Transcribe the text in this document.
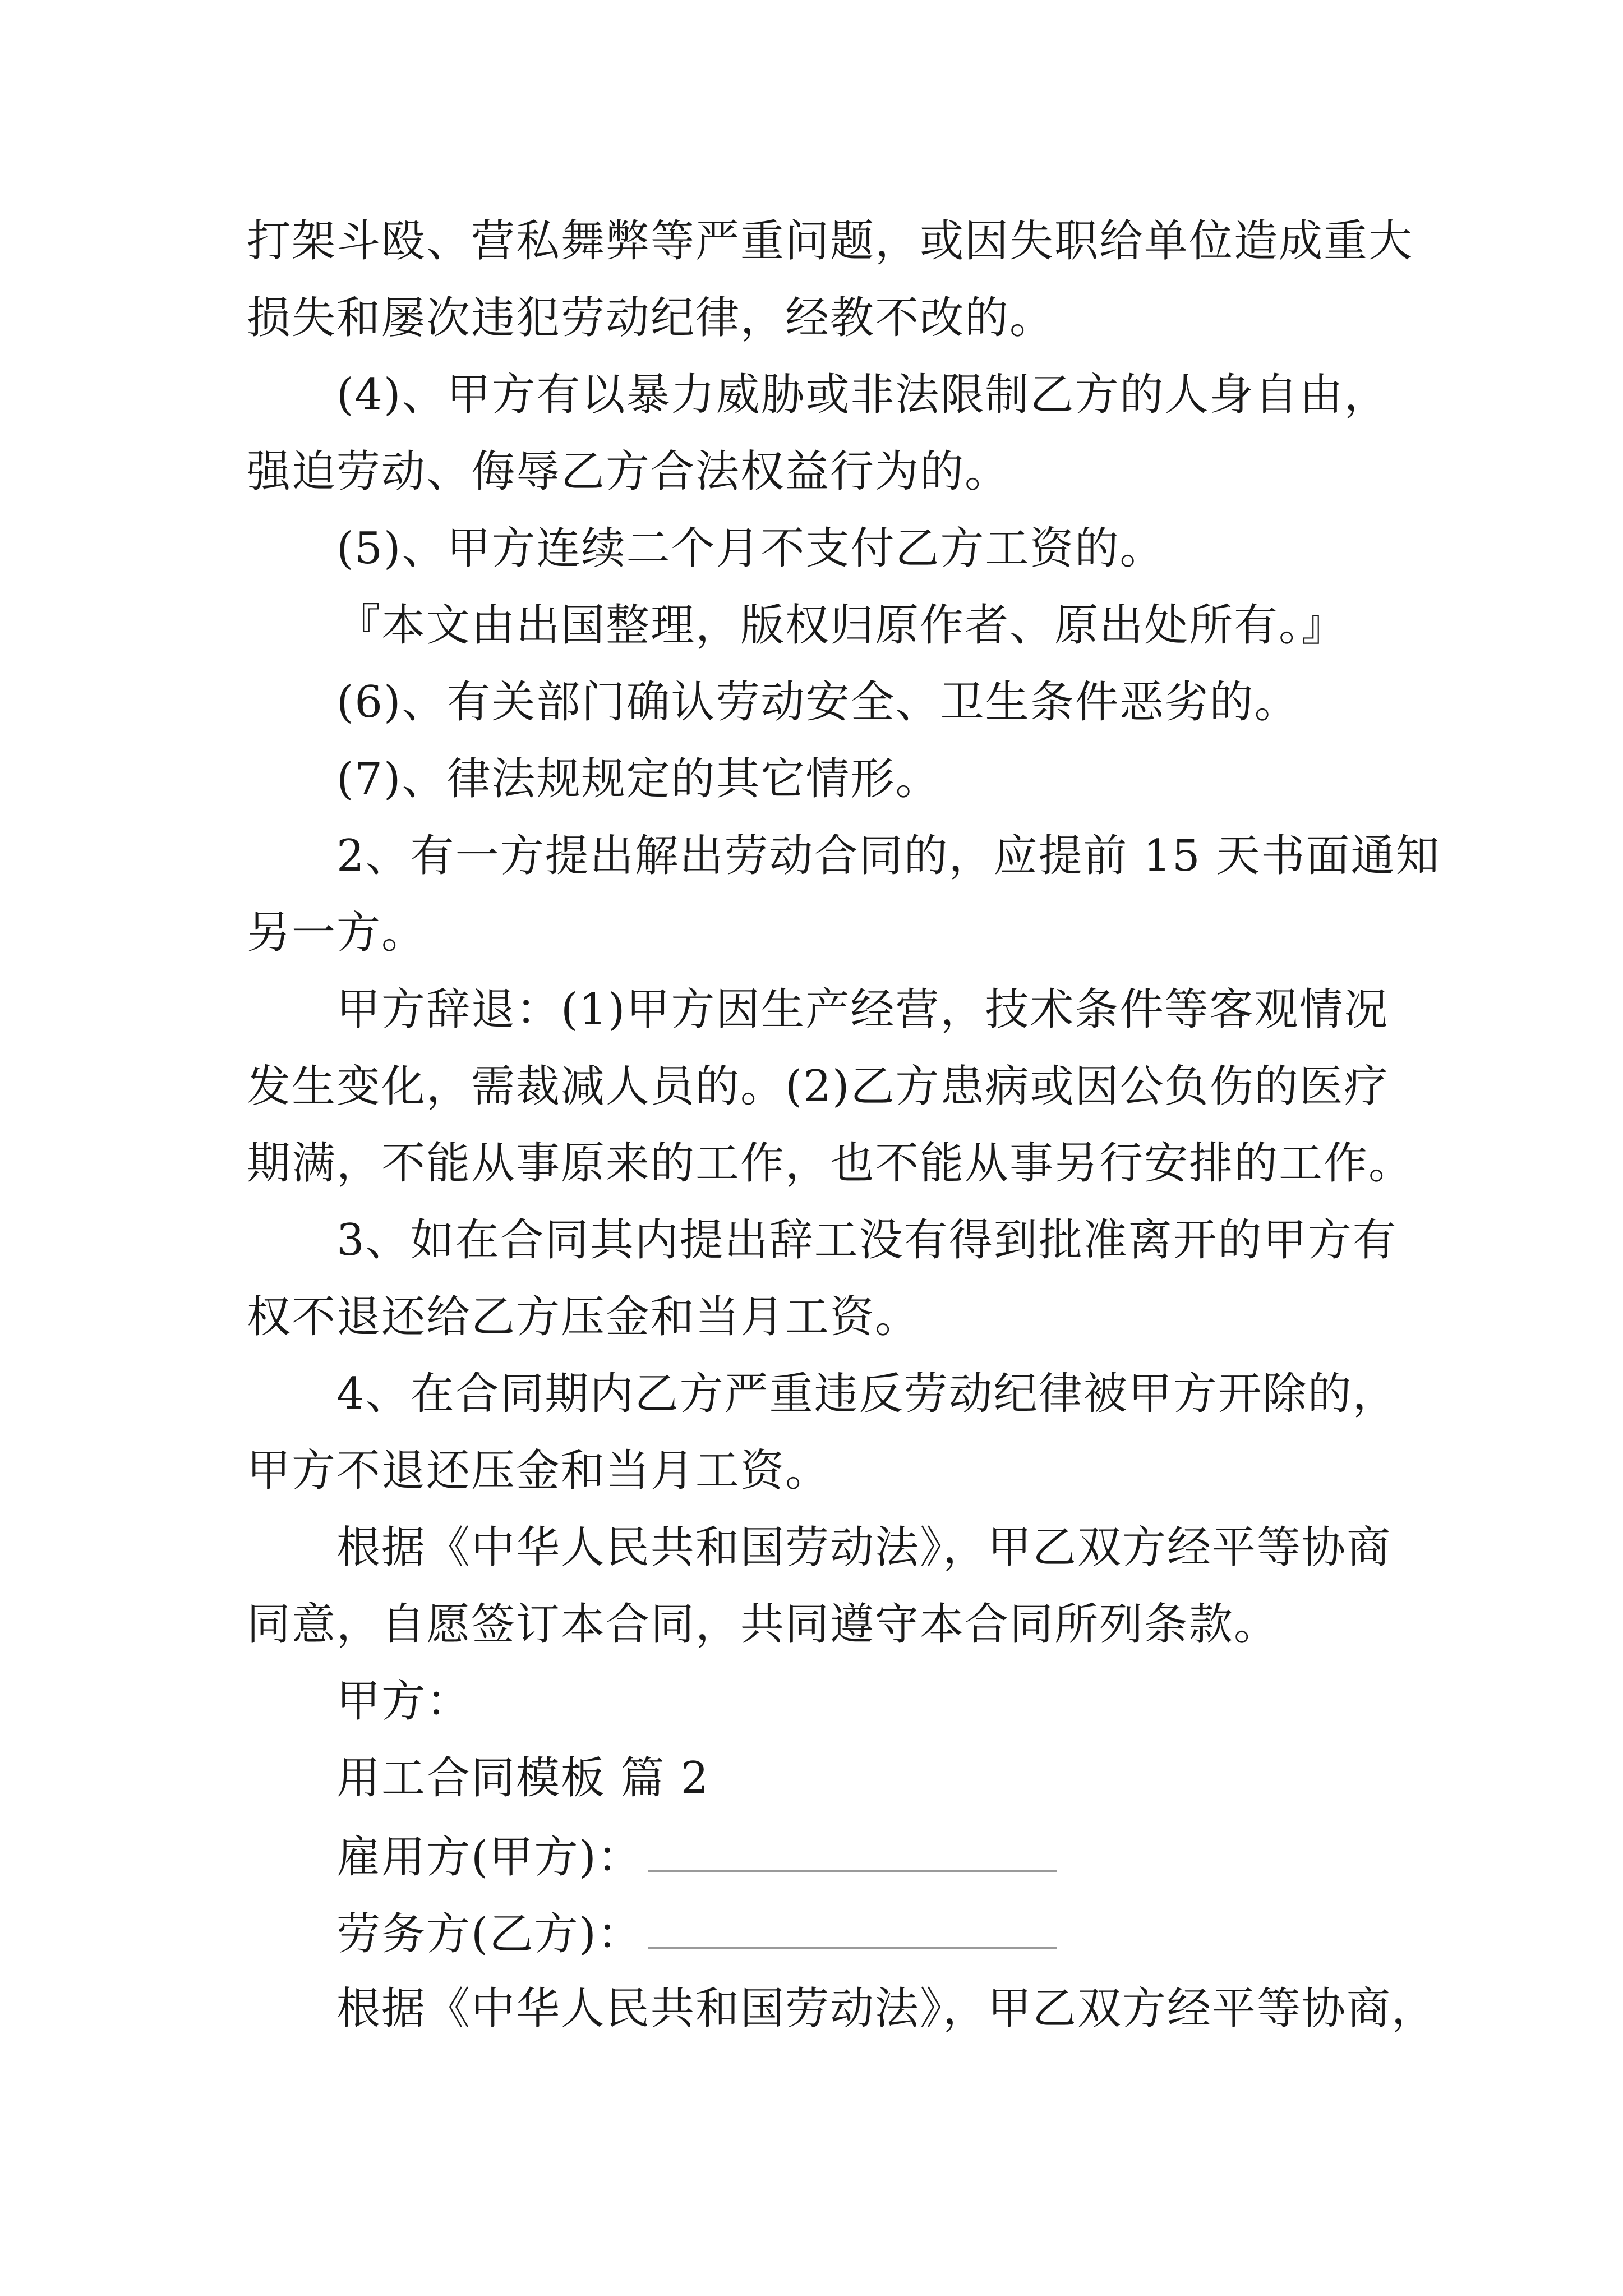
打架斗殴、营私舞弊等严重问题，或因失职给单位造成重大
损失和屡次违犯劳动纪律，经教不改的。
(4)、甲方有以暴力威胁或非法限制乙方的人身自由，
强迫劳动、侮辱乙方合法权益行为的。
(5)、甲方连续二个月不支付乙方工资的。
『本文由出国整理，版权归原作者、原出处所有。』
(6)、有关部门确认劳动安全、卫生条件恶劣的。
(7)、律法规规定的其它情形。
2、有一方提出解出劳动合同的，应提前 15 天书面通知
另一方。
甲方辞退：(1)甲方因生产经营，技术条件等客观情况
发生变化，需裁减人员的。(2)乙方患病或因公负伤的医疗
期满，不能从事原来的工作，也不能从事另行安排的工作。
3、如在合同其内提出辞工没有得到批准离开的甲方有
权不退还给乙方压金和当月工资。
4、在合同期内乙方严重违反劳动纪律被甲方开除的，
甲方不退还压金和当月工资。
根据《中华人民共和国劳动法》，甲乙双方经平等协商
同意，自愿签订本合同，共同遵守本合同所列条款。
甲方：
用工合同模板 篇 2
雇用方(甲方)：
劳务方(乙方)：
根据《中华人民共和国劳动法》，甲乙双方经平等协商，
